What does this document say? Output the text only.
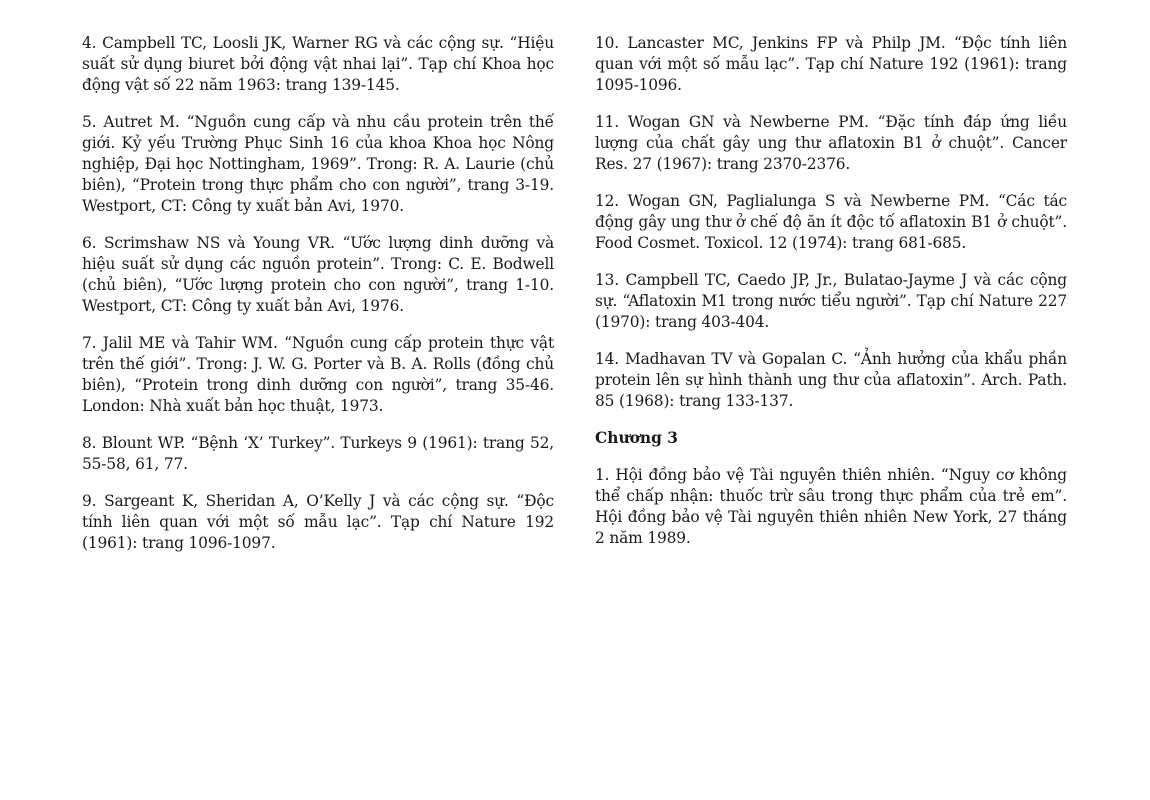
4. Campbell TC, Loosli JK, Warner RG và các cộng sự. “Hiệu suất sử dụng biuret bởi động vật nhai lại”. Tạp chí Khoa học động vật số 22 năm 1963: trang 139-145.

5. Autret M. “Nguồn cung cấp và nhu cầu protein trên thế giới. Kỷ yếu Trường Phục Sinh 16 của khoa Khoa học Nông nghiệp, Đại học Nottingham, 1969”. Trong: R. A. Laurie (chủ biên), “Protein trong thực phẩm cho con người”, trang 3-19. Westport, CT: Công ty xuất bản Avi, 1970.

6. Scrimshaw NS và Young VR. “Ước lượng dinh dưỡng và hiệu suất sử dụng các nguồn protein”. Trong: C. E. Bodwell (chủ biên), “Ước lượng protein cho con người”, trang 1-10. Westport, CT: Công ty xuất bản Avi, 1976.

7. Jalil ME và Tahir WM. “Nguồn cung cấp protein thực vật trên thế giới”. Trong: J. W. G. Porter và B. A. Rolls (đồng chủ biên), “Protein trong dinh dưỡng con người”, trang 35-46. London: Nhà xuất bản học thuật, 1973.

8. Blount WP. “Bệnh ‘X’ Turkey”. Turkeys 9 (1961): trang 52, 55-58, 61, 77.

9. Sargeant K, Sheridan A, O’Kelly J và các cộng sự. “Độc tính liên quan với một số mẫu lạc”. Tạp chí Nature 192 (1961): trang 1096-1097.

10. Lancaster MC, Jenkins FP và Philp JM. “Độc tính liên quan với một số mẫu lạc”. Tạp chí Nature 192 (1961): trang 1095-1096.

11. Wogan GN và Newberne PM. “Đặc tính đáp ứng liều lượng của chất gây ung thư aflatoxin B1 ở chuột”. Cancer Res. 27 (1967): trang 2370-2376.

12. Wogan GN, Paglialunga S và Newberne PM. “Các tác động gây ung thư ở chế độ ăn ít độc tố aflatoxin B1 ở chuột”. Food Cosmet. Toxicol. 12 (1974): trang 681-685.

13. Campbell TC, Caedo JP, Jr., Bulatao-Jayme J và các cộng sự. “Aflatoxin M1 trong nước tiểu người”. Tạp chí Nature 227 (1970): trang 403-404.

14. Madhavan TV và Gopalan C. “Ảnh hưởng của khẩu phần protein lên sự hình thành ung thư của aflatoxin”. Arch. Path. 85 (1968): trang 133-137.

Chương 3

1. Hội đồng bảo vệ Tài nguyên thiên nhiên. “Nguy cơ không thể chấp nhận: thuốc trừ sâu trong thực phẩm của trẻ em”. Hội đồng bảo vệ Tài nguyên thiên nhiên New York, 27 tháng 2 năm 1989.
